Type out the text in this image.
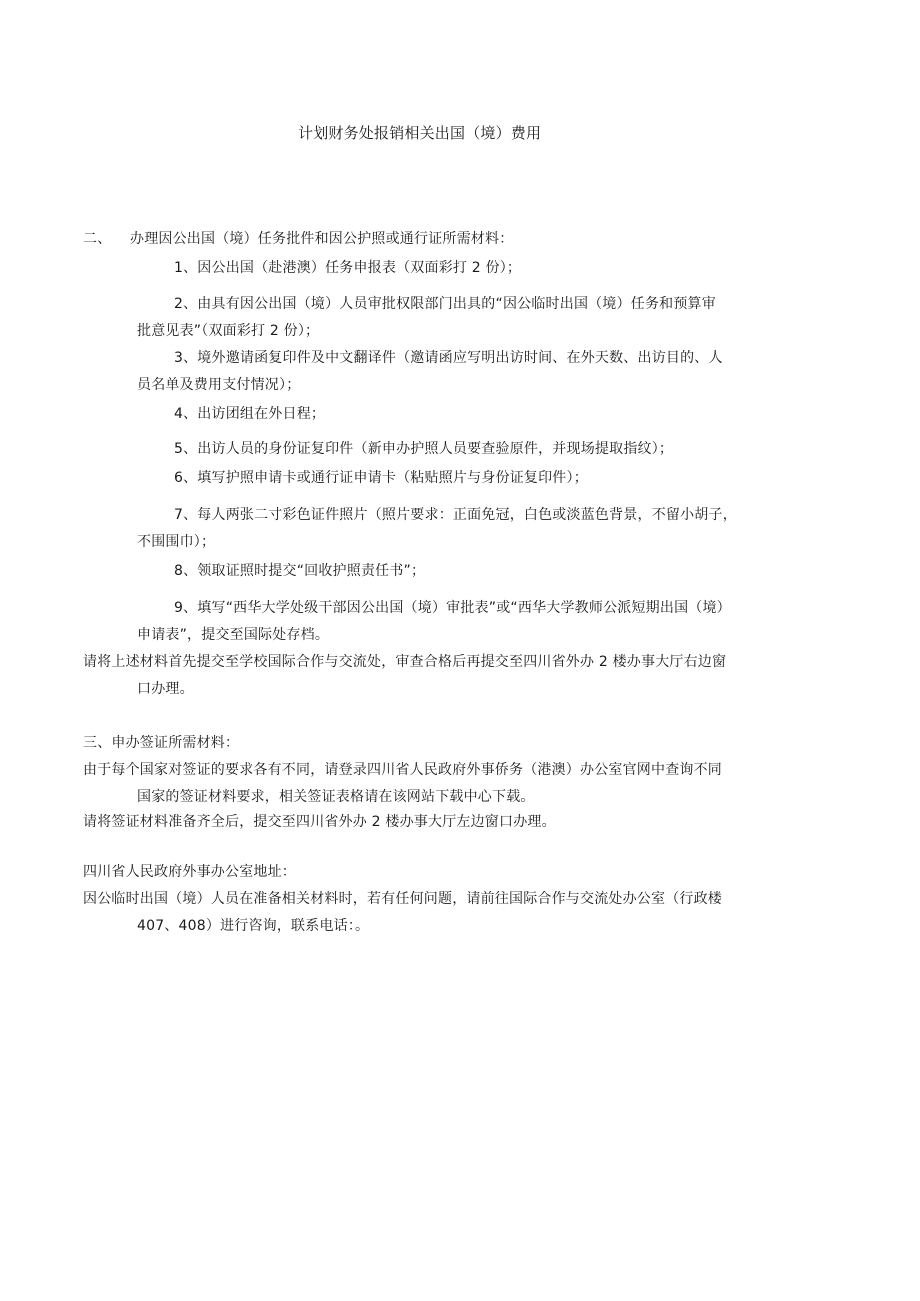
计划财务处报销相关出国（境）费用
二、 办理因公出国（境）任务批件和因公护照或通行证所需材料：
1、因公出国（赴港澳）任务申报表（双面彩打 2 份）；
2、由具有因公出国（境）人员审批权限部门出具的“因公临时出国（境）任务和预算审
批意见表”（双面彩打 2 份）；
3、境外邀请函复印件及中文翻译件（邀请函应写明出访时间、在外天数、出访目的、人
员名单及费用支付情况）；
4、出访团组在外日程；
5、出访人员的身份证复印件（新申办护照人员要查验原件，并现场提取指纹）；
6、填写护照申请卡或通行证申请卡（粘贴照片与身份证复印件）；
7、每人两张二寸彩色证件照片（照片要求：正面免冠，白色或淡蓝色背景，不留小胡子，
不围围巾）；
8、领取证照时提交“回收护照责任书”；
9、填写“西华大学处级干部因公出国（境）审批表”或“西华大学教师公派短期出国（境）
申请表”，提交至国际处存档。
请将上述材料首先提交至学校国际合作与交流处，审查合格后再提交至四川省外办 2 楼办事大厅右边窗
口办理。
三、申办签证所需材料：
由于每个国家对签证的要求各有不同，请登录四川省人民政府外事侨务（港澳）办公室官网中查询不同
国家的签证材料要求，相关签证表格请在该网站下载中心下载。
请将签证材料准备齐全后，提交至四川省外办 2 楼办事大厅左边窗口办理。
四川省人民政府外事办公室地址：
因公临时出国（境）人员在准备相关材料时，若有任何问题，请前往国际合作与交流处办公室（行政楼
407、408）进行咨询，联系电话：。
